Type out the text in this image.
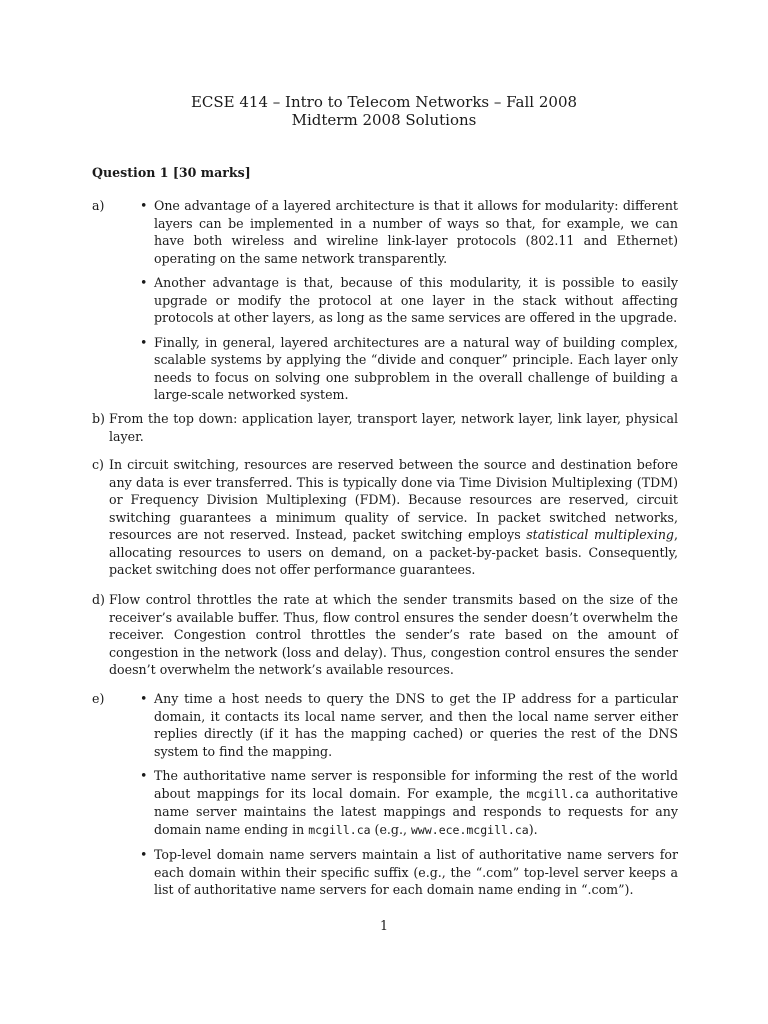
ECSE 414 – Intro to Telecom Networks – Fall 2008
Midterm 2008 Solutions
Question 1 [30 marks]
a)	• One advantage of a layered architecture is that it allows for modularity: different layers can be implemented in a number of ways so that, for example, we can have both wireless and wireline link-layer protocols (802.11 and Ethernet) operating on the same network transparently.
• Another advantage is that, because of this modularity, it is possible to easily upgrade or modify the protocol at one layer in the stack without affecting protocols at other layers, as long as the same services are offered in the upgrade.
• Finally, in general, layered architectures are a natural way of building complex, scalable systems by applying the “divide and conquer” principle. Each layer only needs to focus on solving one subproblem in the overall challenge of building a large-scale networked system.
b) From the top down: application layer, transport layer, network layer, link layer, physical layer.
c) In circuit switching, resources are reserved between the source and destination before any data is ever transferred. This is typically done via Time Division Multiplexing (TDM) or Frequency Division Multiplexing (FDM). Because resources are reserved, circuit switching guarantees a minimum quality of service. In packet switched networks, resources are not reserved. Instead, packet switching employs statistical multiplexing, allocating resources to users on demand, on a packet-by-packet basis. Consequently, packet switching does not offer performance guarantees.
d) Flow control throttles the rate at which the sender transmits based on the size of the receiver’s available buffer. Thus, flow control ensures the sender doesn’t overwhelm the receiver. Congestion control throttles the sender’s rate based on the amount of congestion in the network (loss and delay). Thus, congestion control ensures the sender doesn’t overwhelm the network’s available resources.
e)	• Any time a host needs to query the DNS to get the IP address for a particular domain, it contacts its local name server, and then the local name server either replies directly (if it has the mapping cached) or queries the rest of the DNS system to find the mapping.
• The authoritative name server is responsible for informing the rest of the world about mappings for its local domain. For example, the mcgill.ca authoritative name server maintains the latest mappings and responds to requests for any domain name ending in mcgill.ca (e.g., www.ece.mcgill.ca).
• Top-level domain name servers maintain a list of authoritative name servers for each domain within their specific suffix (e.g., the “.com” top-level server keeps a list of authoritative name servers for each domain name ending in “.com”).
1
